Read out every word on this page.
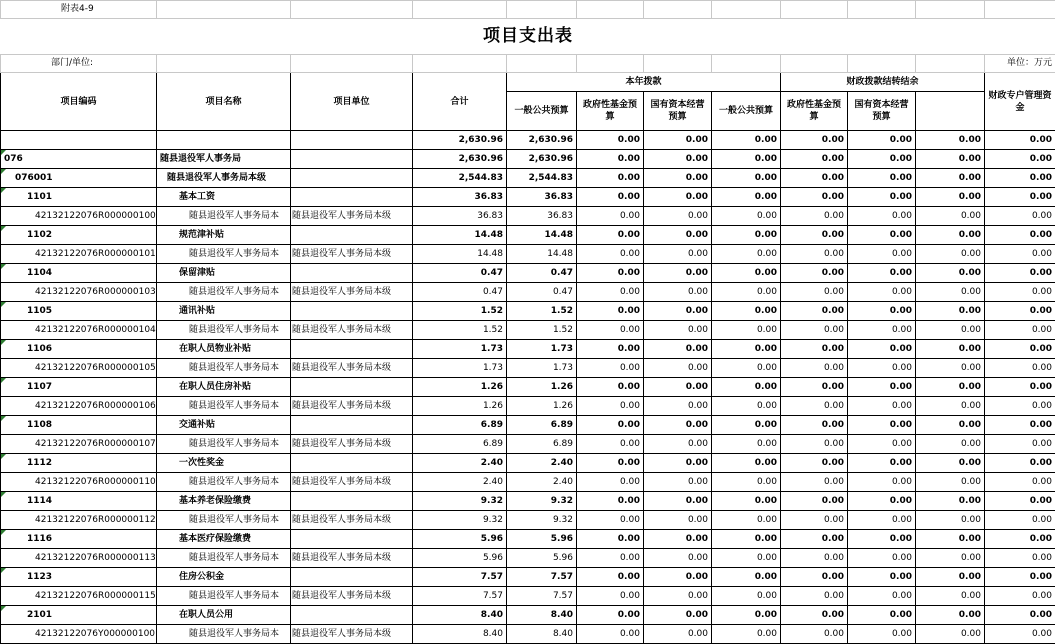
附表4-9												
项目支出表												
部门/单位:											单位：万元	
项目编码	项目名称	项目单位	合计	本年拨款				财政拨款结转结余			财政专户管理资金	
				一般公共预算	政府性基金预算	国有资本经营预算	一般公共预算	政府性基金预算	国有资本经营预算			
			2,630.96	2,630.96	0.00	0.00	0.00	0.00	0.00	0.00	0.00	
076	随县退役军人事务局		2,630.96	2,630.96	0.00	0.00	0.00	0.00	0.00	0.00	0.00	
076001	随县退役军人事务局本级		2,544.83	2,544.83	0.00	0.00	0.00	0.00	0.00	0.00	0.00	
1101	基本工资		36.83	36.83	0.00	0.00	0.00	0.00	0.00	0.00	0.00	
42132122076R000000100	随县退役军人事务局本	随县退役军人事务局本级	36.83	36.83	0.00	0.00	0.00	0.00	0.00	0.00	0.00	
1102	规范津补贴		14.48	14.48	0.00	0.00	0.00	0.00	0.00	0.00	0.00	
42132122076R000000101	随县退役军人事务局本	随县退役军人事务局本级	14.48	14.48	0.00	0.00	0.00	0.00	0.00	0.00	0.00	
1104	保留津贴		0.47	0.47	0.00	0.00	0.00	0.00	0.00	0.00	0.00	
42132122076R000000103	随县退役军人事务局本	随县退役军人事务局本级	0.47	0.47	0.00	0.00	0.00	0.00	0.00	0.00	0.00	
1105	通讯补贴		1.52	1.52	0.00	0.00	0.00	0.00	0.00	0.00	0.00	
42132122076R000000104	随县退役军人事务局本	随县退役军人事务局本级	1.52	1.52	0.00	0.00	0.00	0.00	0.00	0.00	0.00	
1106	在职人员物业补贴		1.73	1.73	0.00	0.00	0.00	0.00	0.00	0.00	0.00	
42132122076R000000105	随县退役军人事务局本	随县退役军人事务局本级	1.73	1.73	0.00	0.00	0.00	0.00	0.00	0.00	0.00	
1107	在职人员住房补贴		1.26	1.26	0.00	0.00	0.00	0.00	0.00	0.00	0.00	
42132122076R000000106	随县退役军人事务局本	随县退役军人事务局本级	1.26	1.26	0.00	0.00	0.00	0.00	0.00	0.00	0.00	
1108	交通补贴		6.89	6.89	0.00	0.00	0.00	0.00	0.00	0.00	0.00	
42132122076R000000107	随县退役军人事务局本	随县退役军人事务局本级	6.89	6.89	0.00	0.00	0.00	0.00	0.00	0.00	0.00	
1112	一次性奖金		2.40	2.40	0.00	0.00	0.00	0.00	0.00	0.00	0.00	
42132122076R000000110	随县退役军人事务局本	随县退役军人事务局本级	2.40	2.40	0.00	0.00	0.00	0.00	0.00	0.00	0.00	
1114	基本养老保险缴费		9.32	9.32	0.00	0.00	0.00	0.00	0.00	0.00	0.00	
42132122076R000000112	随县退役军人事务局本	随县退役军人事务局本级	9.32	9.32	0.00	0.00	0.00	0.00	0.00	0.00	0.00	
1116	基本医疗保险缴费		5.96	5.96	0.00	0.00	0.00	0.00	0.00	0.00	0.00	
42132122076R000000113	随县退役军人事务局本	随县退役军人事务局本级	5.96	5.96	0.00	0.00	0.00	0.00	0.00	0.00	0.00	
1123	住房公积金		7.57	7.57	0.00	0.00	0.00	0.00	0.00	0.00	0.00	
42132122076R000000115	随县退役军人事务局本	随县退役军人事务局本级	7.57	7.57	0.00	0.00	0.00	0.00	0.00	0.00	0.00	
2101	在职人员公用		8.40	8.40	0.00	0.00	0.00	0.00	0.00	0.00	0.00	
42132122076Y000000100	随县退役军人事务局本	随县退役军人事务局本级	8.40	8.40	0.00	0.00	0.00	0.00	0.00	0.00	0.00	
